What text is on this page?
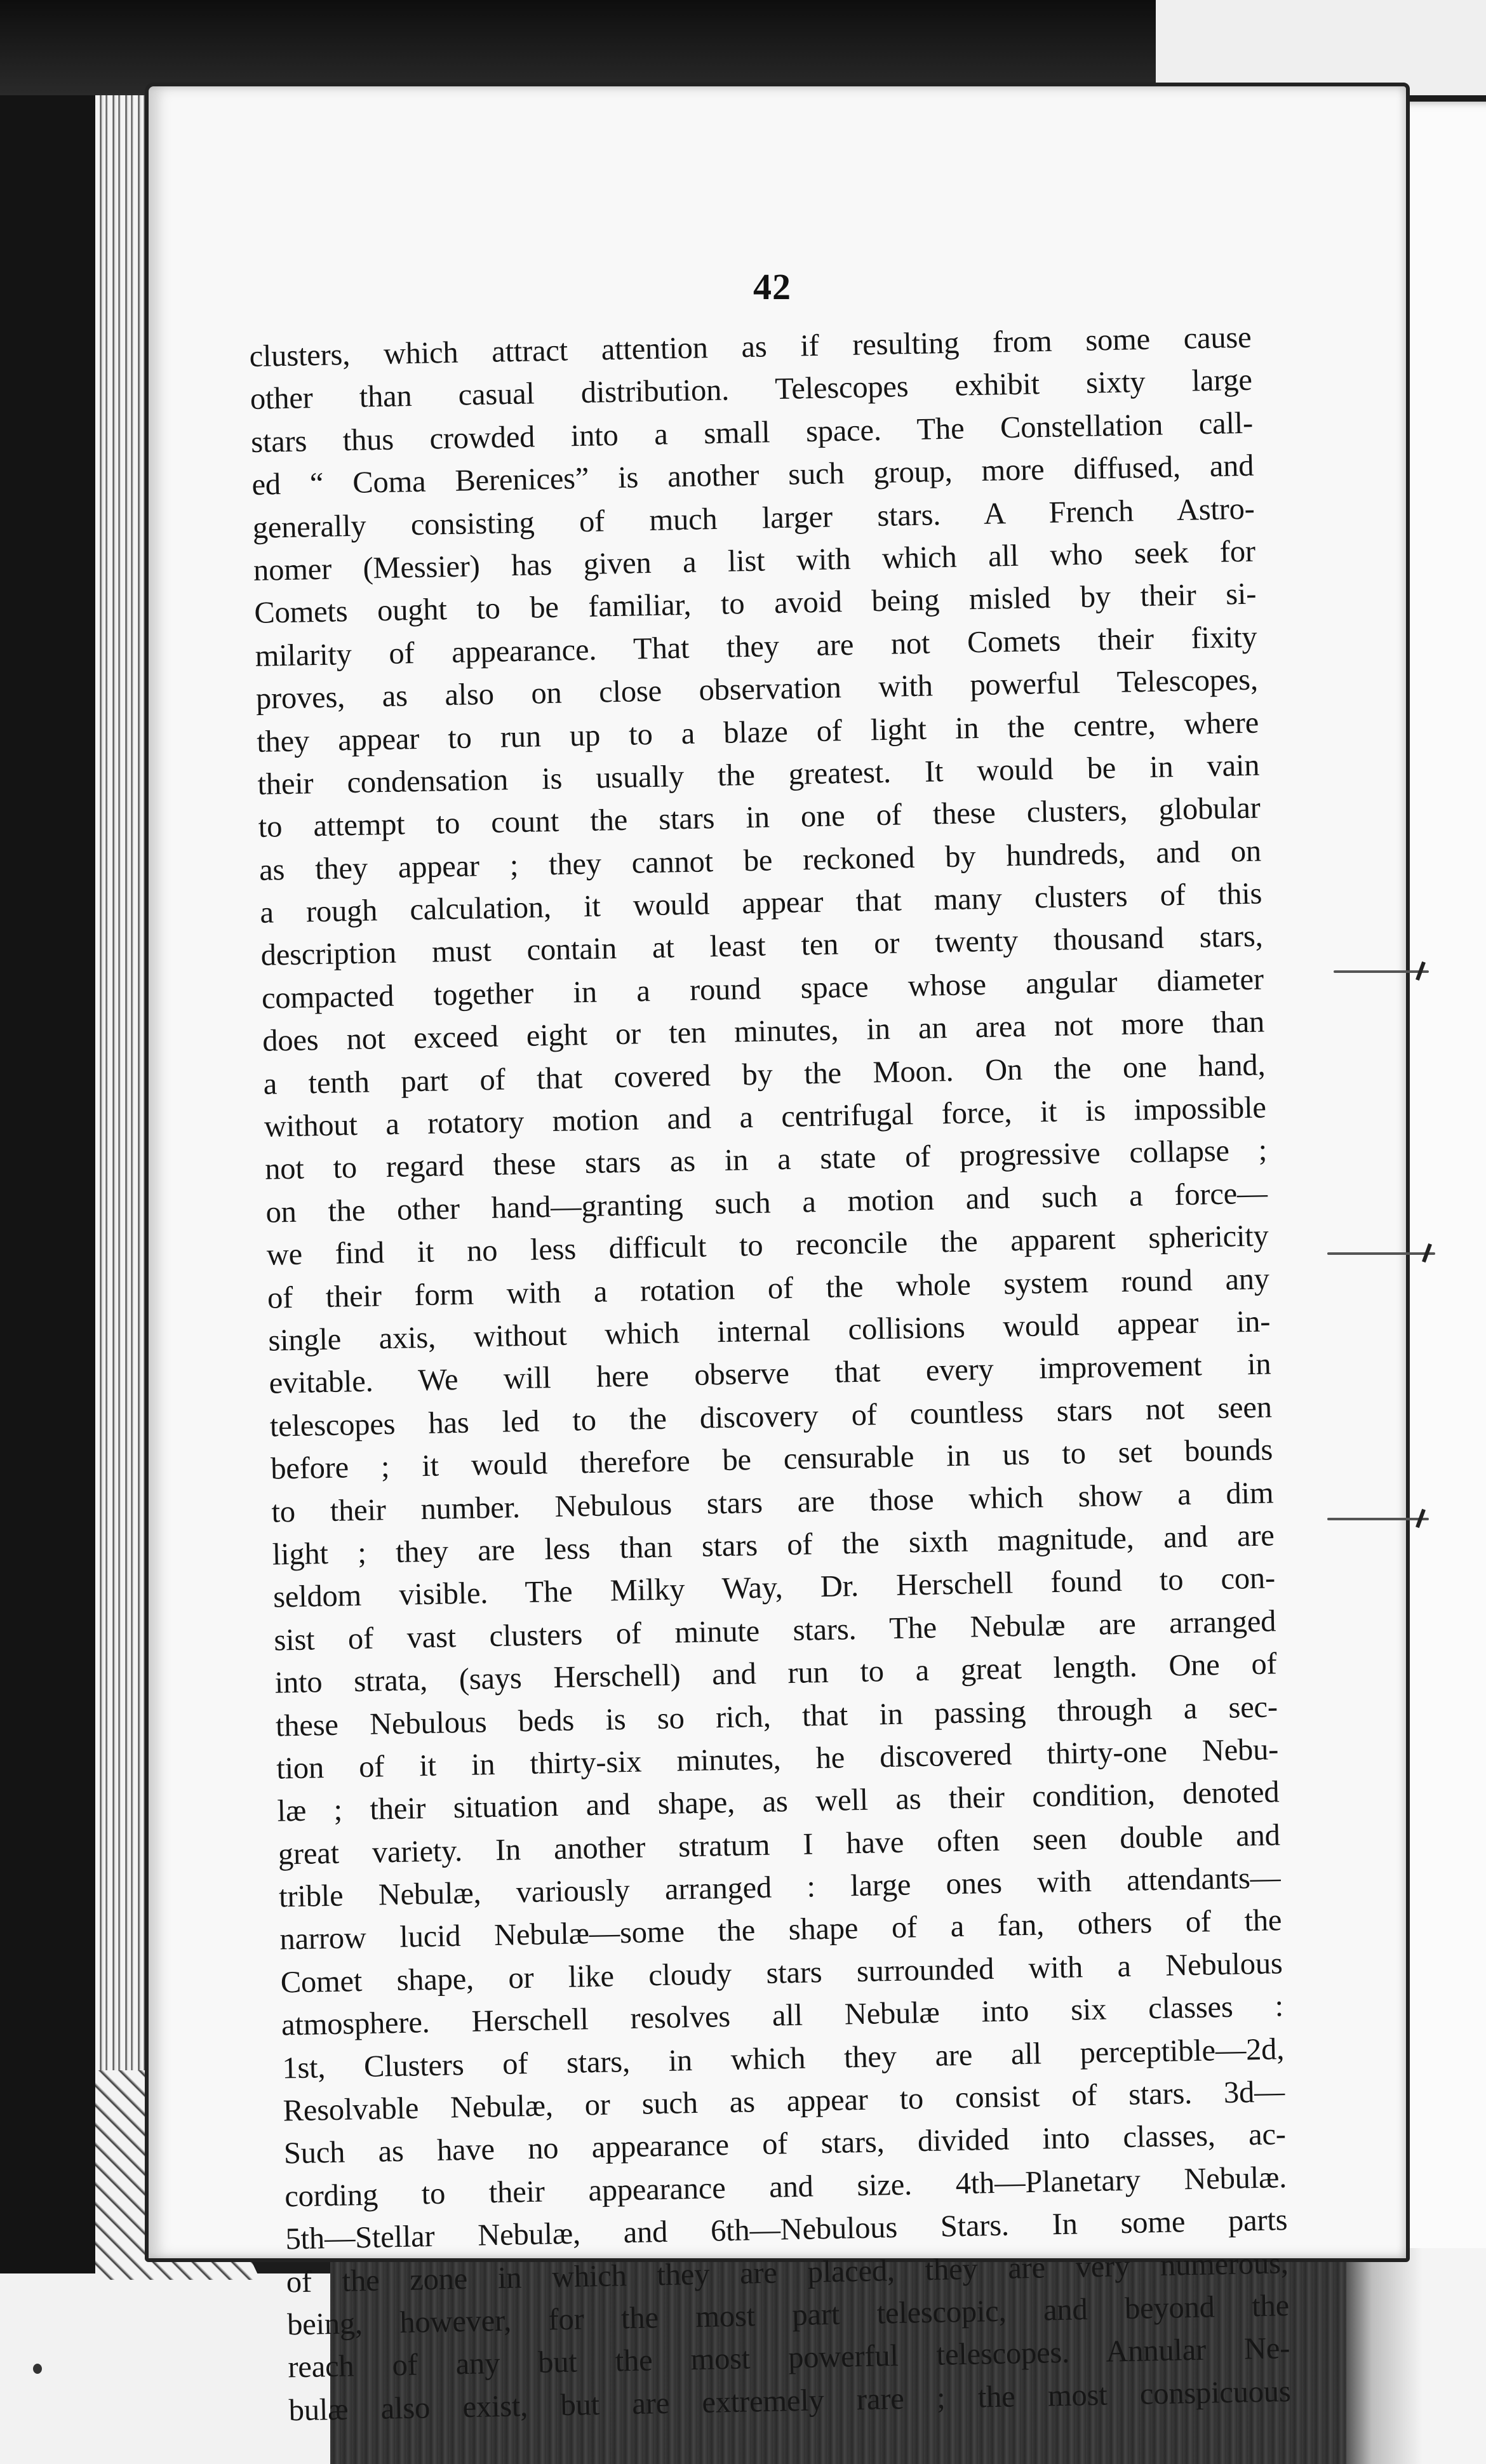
42
clusters, which attract attention as if resulting from some cause
other than casual distribution. Telescopes exhibit sixty large
stars thus crowded into a small space. The Constellation call-
ed “ Coma Berenices” is another such group, more diffused, and
generally consisting of much larger stars. A French Astro-
nomer (Messier) has given a list with which all who seek for
Comets ought to be familiar, to avoid being misled by their si-
milarity of appearance. That they are not Comets their fixity
proves, as also on close observation with powerful Telescopes,
they appear to run up to a blaze of light in the centre, where
their condensation is usually the greatest. It would be in vain
to attempt to count the stars in one of these clusters, globular
as they appear ; they cannot be reckoned by hundreds, and on
a rough calculation, it would appear that many clusters of this
description must contain at least ten or twenty thousand stars,
compacted together in a round space whose angular diameter
does not exceed eight or ten minutes, in an area not more than
a tenth part of that covered by the Moon. On the one hand,
without a rotatory motion and a centrifugal force, it is impossible
not to regard these stars as in a state of progressive collapse ;
on the other hand—granting such a motion and such a force—
we find it no less difficult to reconcile the apparent sphericity
of their form with a rotation of the whole system round any
single axis, without which internal collisions would appear in-
evitable. We will here observe that every improvement in
telescopes has led to the discovery of countless stars not seen
before ; it would therefore be censurable in us to set bounds
to their number. Nebulous stars are those which show a dim
light ; they are less than stars of the sixth magnitude, and are
seldom visible. The Milky Way, Dr. Herschell found to con-
sist of vast clusters of minute stars. The Nebulæ are arranged
into strata, (says Herschell) and run to a great length. One of
these Nebulous beds is so rich, that in passing through a sec-
tion of it in thirty-six minutes, he discovered thirty-one Nebu-
læ ; their situation and shape, as well as their condition, denoted
great variety. In another stratum I have often seen double and
trible Nebulæ, variously arranged : large ones with attendants—
narrow lucid Nebulæ—some the shape of a fan, others of the
Comet shape, or like cloudy stars surrounded with a Nebulous
atmosphere. Herschell resolves all Nebulæ into six classes :
1st, Clusters of stars, in which they are all perceptible—2d,
Resolvable Nebulæ, or such as appear to consist of stars. 3d—
Such as have no appearance of stars, divided into classes, ac-
cording to their appearance and size. 4th—Planetary Nebulæ.
5th—Stellar Nebulæ, and 6th—Nebulous Stars. In some parts
of the zone in which they are placed, they are very numerous,
being, however, for the most part telescopic, and beyond the
reach of any but the most powerful telescopes. Annular Ne-
bulæ also exist, but are extremely rare ; the most conspicuous
